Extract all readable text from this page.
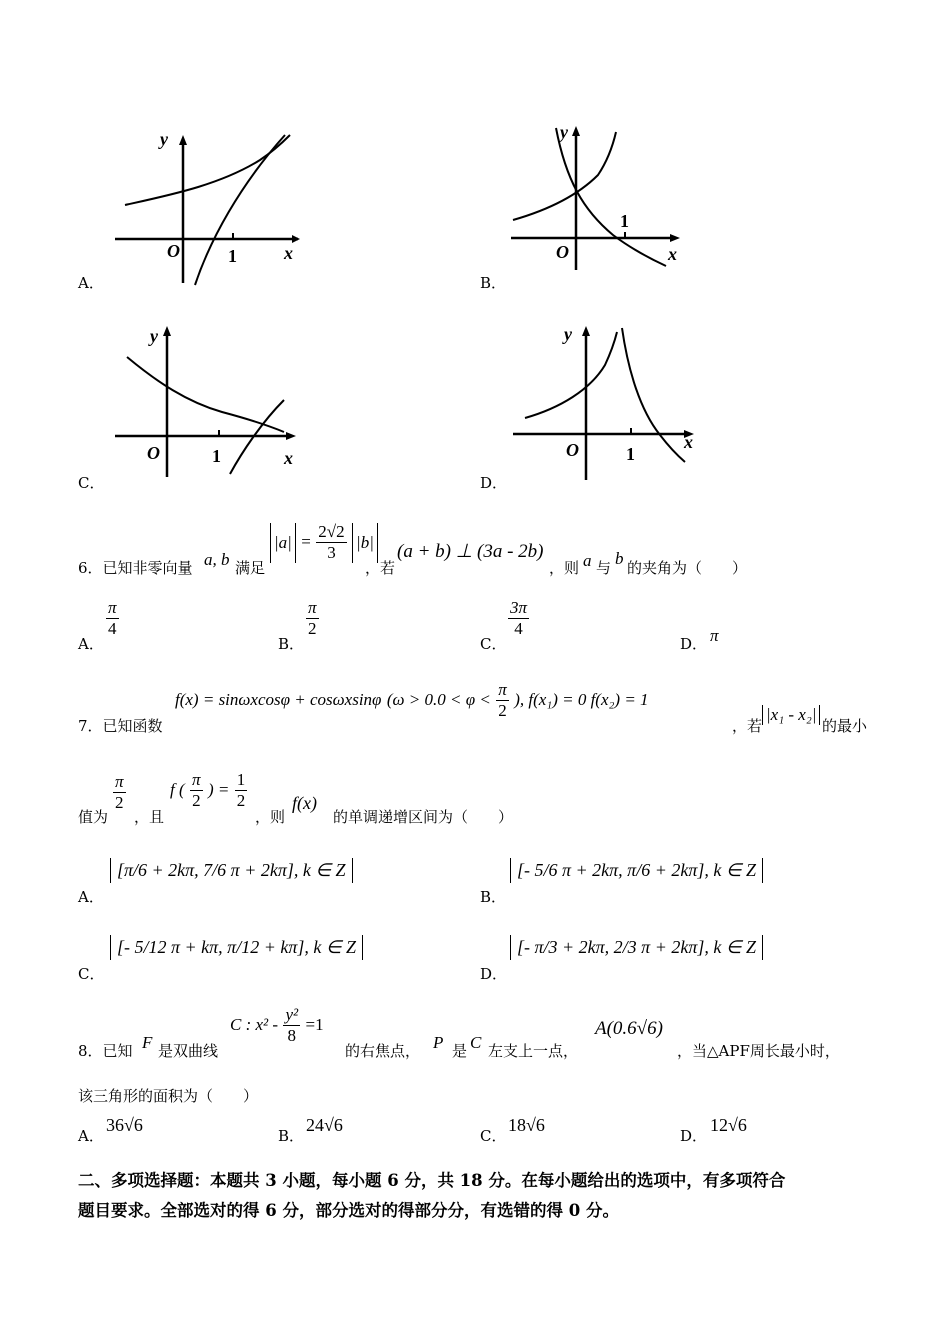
y
O	1	x
A．
y
O
1
x
B．
y
O	1	x
C．
y
O	1
x
D．
6．已知非零向量 a, b 满足
$|a| = \frac{2√2}{3} |b|$
，若
(a + b) ⊥ (3a - 2b)
，则 a 与 b 的夹角为（　　）
A．
$\frac{\pi}{4}$
B．
$\frac{\pi}{2}$
C．
$\frac{3\pi}{4}$
D． π
7．已知函数
f(x) = sinωxcosφ + cosωxsinφ ($\omega > 0.0 < \varphi < \frac{\pi}{2}$ ), f(x₁) = 0 f(x₂) = 1
，若
|x₁ - x₂|
的最小
值为
$\frac{\pi}{2}$
，且
f ( $\frac{\pi}{2}$ ) = $\frac{1}{2}$
，则
f(x)
的单调递增区间为（　　）
A．
[π/6 + 2kπ, 7/6 π + 2kπ], k ∈ Z
B．
[- 5/6 π + 2kπ, π/6 + 2kπ], k ∈ Z
C．
[- 5/12 π + kπ, π/12 + kπ], k ∈ Z
D．
[- π/3 + 2kπ, 2/3 π + 2kπ], k ∈ Z
8．已知 F 是双曲线
C : $x^2 - \frac{\text{y²}}{8} =1$
的右焦点， P 是 C 左支上一点，
A(0.6√6)
，当△APF周长最小时，
该三角形的面积为（　　）
A．
36√6
B．
24√6
C．
18√6
D．
12√6
二、多项选择题：本题共 3 小题，每小题 6 分，共 18 分。在每小题给出的选项中，有多项符合
题目要求。全部选对的得 6 分，部分选对的得部分分，有选错的得 0 分。
